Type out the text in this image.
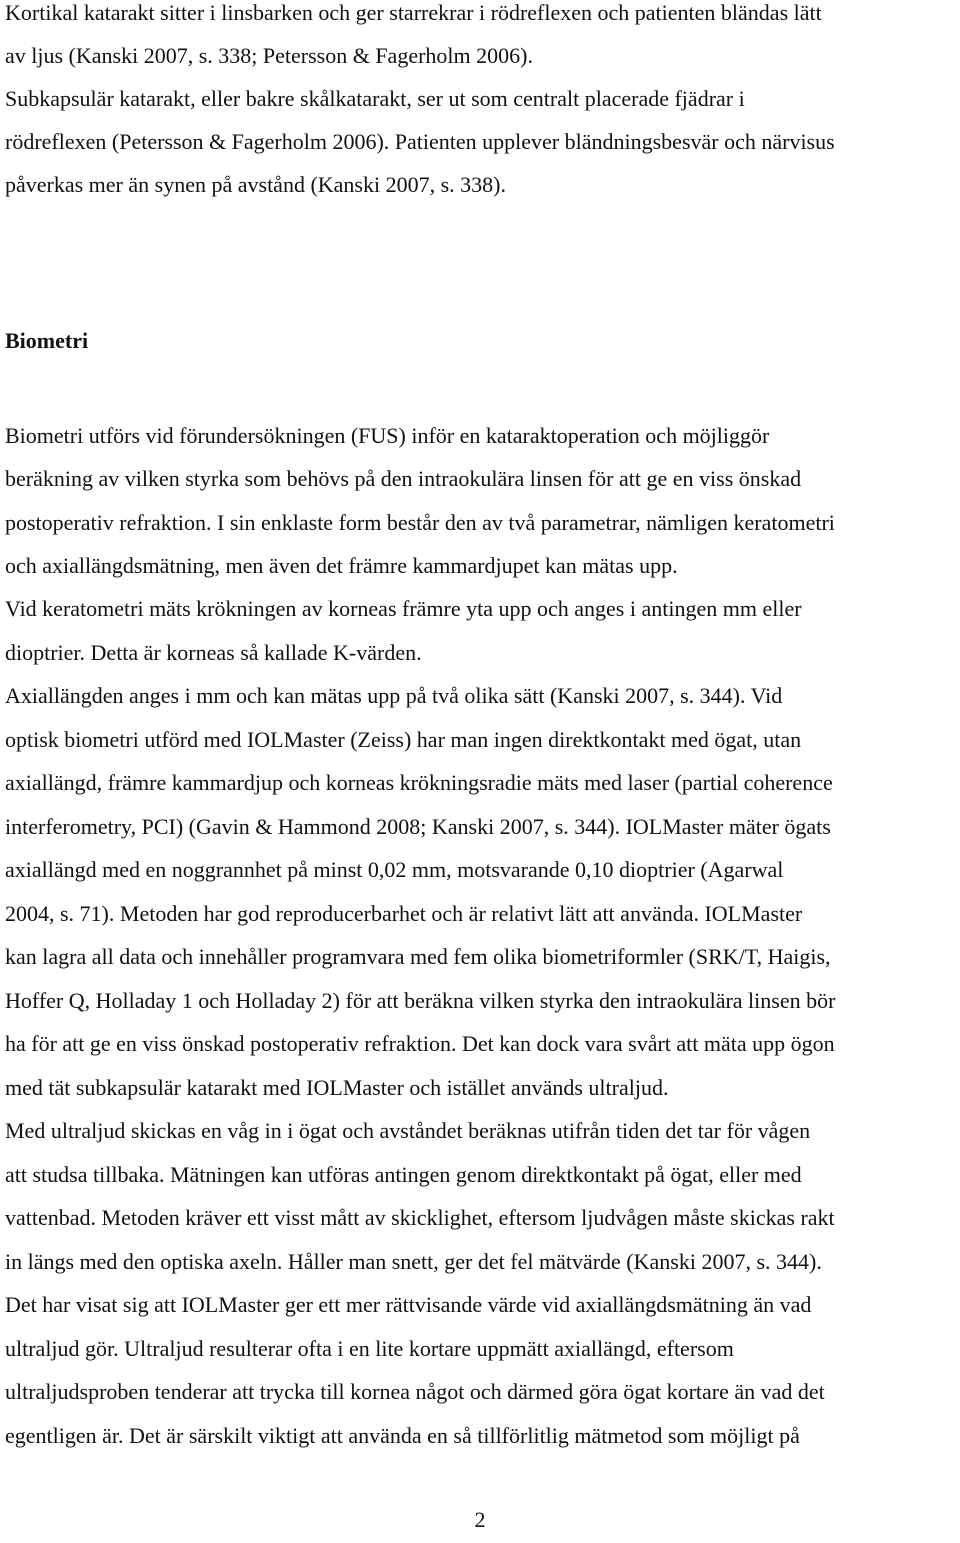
Kortikal katarakt sitter i linsbarken och ger starrekrar i rödreflexen och patienten bländas lätt
av ljus (Kanski 2007, s. 338; Petersson & Fagerholm 2006).
Subkapsulär katarakt, eller bakre skålkatarakt, ser ut som centralt placerade fjädrar i
rödreflexen (Petersson & Fagerholm 2006). Patienten upplever bländningsbesvär och närvisus
påverkas mer än synen på avstånd (Kanski 2007, s. 338).
Biometri
Biometri utförs vid förundersökningen (FUS) inför en kataraktoperation och möjliggör
beräkning av vilken styrka som behövs på den intraokulära linsen för att ge en viss önskad
postoperativ refraktion. I sin enklaste form består den av två parametrar, nämligen keratometri
och axiallängdsmätning, men även det främre kammardjupet kan mätas upp.
Vid keratometri mäts krökningen av korneas främre yta upp och anges i antingen mm eller
dioptrier. Detta är korneas så kallade K-värden.
Axiallängden anges i mm och kan mätas upp på två olika sätt (Kanski 2007, s. 344). Vid
optisk biometri utförd med IOLMaster (Zeiss) har man ingen direktkontakt med ögat, utan
axiallängd, främre kammardjup och korneas krökningsradie mäts med laser (partial coherence
interferometry, PCI) (Gavin & Hammond 2008; Kanski 2007, s. 344). IOLMaster mäter ögats
axiallängd med en noggrannhet på minst 0,02 mm, motsvarande 0,10 dioptrier (Agarwal
2004, s. 71). Metoden har god reproducerbarhet och är relativt lätt att använda. IOLMaster
kan lagra all data och innehåller programvara med fem olika biometriformler (SRK/T, Haigis,
Hoffer Q, Holladay 1 och Holladay 2) för att beräkna vilken styrka den intraokulära linsen bör
ha för att ge en viss önskad postoperativ refraktion. Det kan dock vara svårt att mäta upp ögon
med tät subkapsulär katarakt med IOLMaster och istället används ultraljud.
Med ultraljud skickas en våg in i ögat och avståndet beräknas utifrån tiden det tar för vågen
att studsa tillbaka. Mätningen kan utföras antingen genom direktkontakt på ögat, eller med
vattenbad. Metoden kräver ett visst mått av skicklighet, eftersom ljudvågen måste skickas rakt
in längs med den optiska axeln. Håller man snett, ger det fel mätvärde (Kanski 2007, s. 344).
Det har visat sig att IOLMaster ger ett mer rättvisande värde vid axiallängdsmätning än vad
ultraljud gör. Ultraljud resulterar ofta i en lite kortare uppmätt axiallängd, eftersom
ultraljudsproben tenderar att trycka till kornea något och därmed göra ögat kortare än vad det
egentligen är. Det är särskilt viktigt att använda en så tillförlitlig mätmetod som möjligt på
2
